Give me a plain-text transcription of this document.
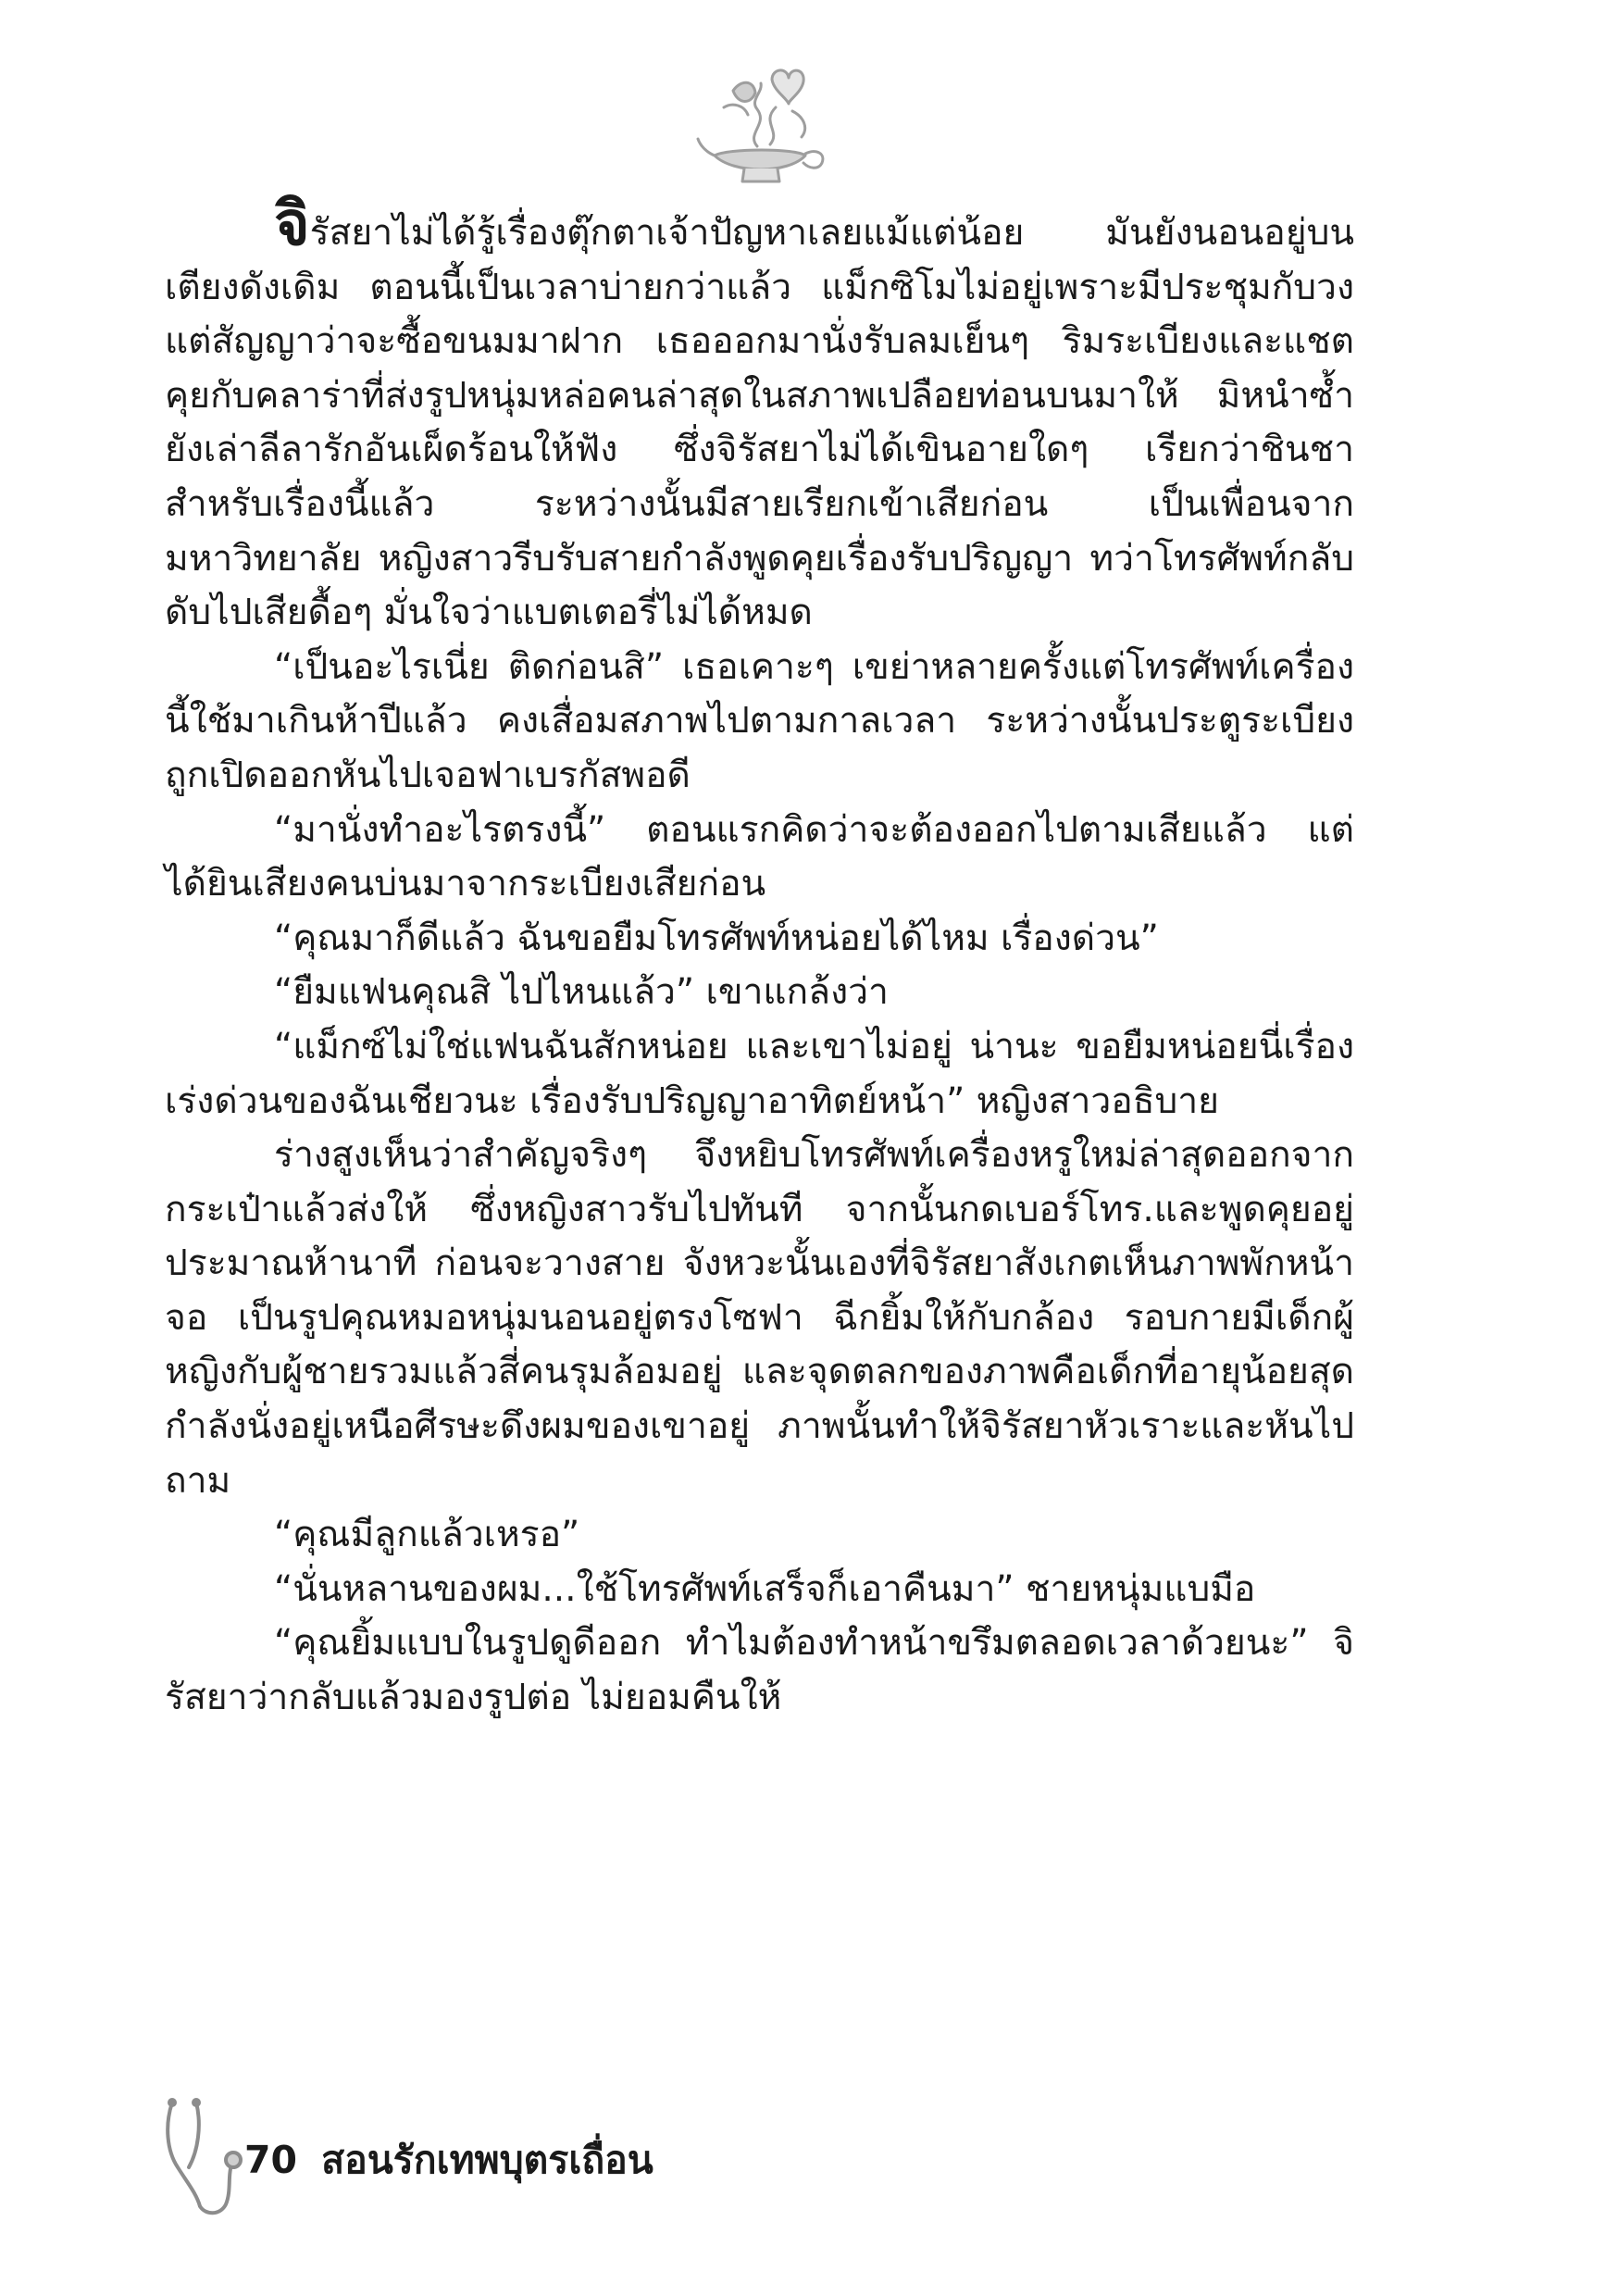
จิรัสยาไม่ได้รู้เรื่องตุ๊กตาเจ้าปัญหาเลยแม้แต่น้อย มันยังนอนอยู่บนเตียงดังเดิม ตอนนี้เป็นเวลาบ่ายกว่าแล้ว แม็กซิโมไม่อยู่เพราะมีประชุมกับวง แต่สัญญาว่าจะซื้อขนมมาฝาก เธอออกมานั่งรับลมเย็นๆ ริมระเบียงและแชตคุยกับคลาร่าที่ส่งรูปหนุ่มหล่อคนล่าสุดในสภาพเปลือยท่อนบนมาให้ มิหนำซ้ำยังเล่าลีลารักอันเผ็ดร้อนให้ฟัง ซึ่งจิรัสยาไม่ได้เขินอายใดๆ เรียกว่าชินชาสำหรับเรื่องนี้แล้ว ระหว่างนั้นมีสายเรียกเข้าเสียก่อน เป็นเพื่อนจากมหาวิทยาลัย หญิงสาวรีบรับสายกำลังพูดคุยเรื่องรับปริญญา ทว่าโทรศัพท์กลับดับไปเสียดื้อๆ มั่นใจว่าแบตเตอรี่ไม่ได้หมด

“เป็นอะไรเนี่ย ติดก่อนสิ” เธอเคาะๆ เขย่าหลายครั้งแต่โทรศัพท์เครื่องนี้ใช้มาเกินห้าปีแล้ว คงเสื่อมสภาพไปตามกาลเวลา ระหว่างนั้นประตูระเบียงถูกเปิดออกหันไปเจอฟาเบรกัสพอดี

“มานั่งทำอะไรตรงนี้” ตอนแรกคิดว่าจะต้องออกไปตามเสียแล้ว แต่ได้ยินเสียงคนบ่นมาจากระเบียงเสียก่อน

“คุณมาก็ดีแล้ว ฉันขอยืมโทรศัพท์หน่อยได้ไหม เรื่องด่วน”

“ยืมแฟนคุณสิ ไปไหนแล้ว” เขาแกล้งว่า

“แม็กซ์ไม่ใช่แฟนฉันสักหน่อย และเขาไม่อยู่ น่านะ ขอยืมหน่อยนี่เรื่องเร่งด่วนของฉันเชียวนะ เรื่องรับปริญญาอาทิตย์หน้า” หญิงสาวอธิบาย

ร่างสูงเห็นว่าสำคัญจริงๆ จึงหยิบโทรศัพท์เครื่องหรูใหม่ล่าสุดออกจากกระเป๋าแล้วส่งให้ ซึ่งหญิงสาวรับไปทันที จากนั้นกดเบอร์โทร.และพูดคุยอยู่ประมาณห้านาที ก่อนจะวางสาย จังหวะนั้นเองที่จิรัสยาสังเกตเห็นภาพพักหน้าจอ เป็นรูปคุณหมอหนุ่มนอนอยู่ตรงโซฟา ฉีกยิ้มให้กับกล้อง รอบกายมีเด็กผู้หญิงกับผู้ชายรวมแล้วสี่คนรุมล้อมอยู่ และจุดตลกของภาพคือเด็กที่อายุน้อยสุดกำลังนั่งอยู่เหนือศีรษะดึงผมของเขาอยู่ ภาพนั้นทำให้จิรัสยาหัวเราะและหันไปถาม

“คุณมีลูกแล้วเหรอ”

“นั่นหลานของผม...ใช้โทรศัพท์เสร็จก็เอาคืนมา” ชายหนุ่มแบมือ

“คุณยิ้มแบบในรูปดูดีออก ทำไมต้องทำหน้าขรึมตลอดเวลาด้วยนะ” จิรัสยาว่ากลับแล้วมองรูปต่อ ไม่ยอมคืนให้

70 สอนรักเทพบุตรเถื่อน
